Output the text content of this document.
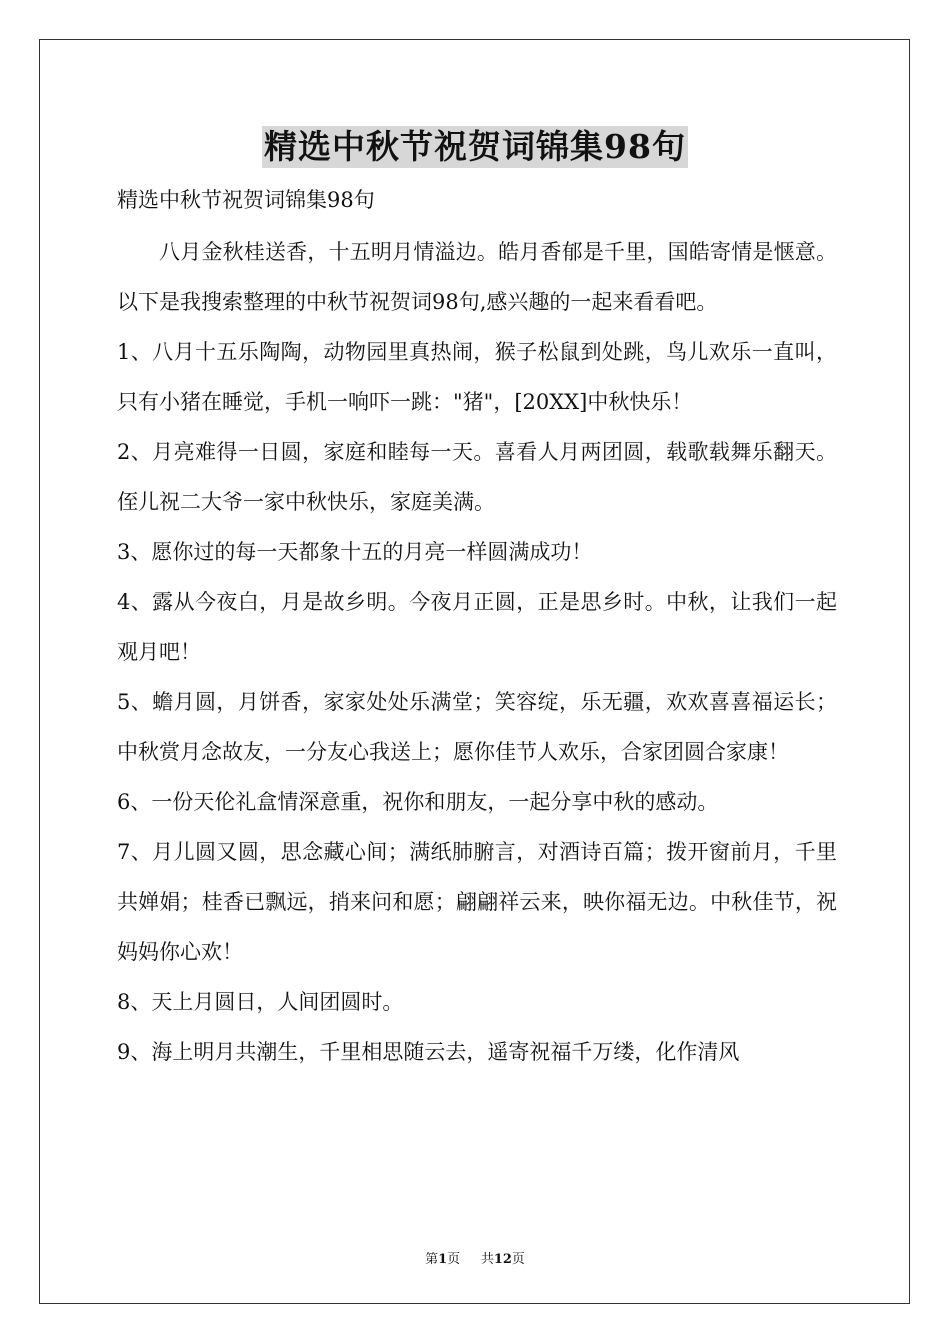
精选中秋节祝贺词锦集98句

精选中秋节祝贺词锦集98句

八月金秋桂送香，十五明月情溢边。皓月香郁是千里，国皓寄情是惬意。以下是我搜索整理的中秋节祝贺词98句,感兴趣的一起来看看吧。

1、八月十五乐陶陶，动物园里真热闹，猴子松鼠到处跳，鸟儿欢乐一直叫，只有小猪在睡觉，手机一响吓一跳："猪"，[20XX]中秋快乐！

2、月亮难得一日圆，家庭和睦每一天。喜看人月两团圆，载歌载舞乐翻天。侄儿祝二大爷一家中秋快乐，家庭美满。

3、愿你过的每一天都象十五的月亮一样圆满成功！

4、露从今夜白，月是故乡明。今夜月正圆，正是思乡时。中秋，让我们一起观月吧！

5、蟾月圆，月饼香，家家处处乐满堂；笑容绽，乐无疆，欢欢喜喜福运长；中秋赏月念故友，一分友心我送上；愿你佳节人欢乐，合家团圆合家康！

6、一份天伦礼盒情深意重，祝你和朋友，一起分享中秋的感动。

7、月儿圆又圆，思念藏心间；满纸肺腑言，对酒诗百篇；拨开窗前月，千里共婵娟；桂香已飘远，捎来问和愿；翩翩祥云来，映你福无边。中秋佳节，祝妈妈你心欢！

8、天上月圆日，人间团圆时。

9、海上明月共潮生，千里相思随云去，遥寄祝福千万缕，化作清风

第1页 共12页
